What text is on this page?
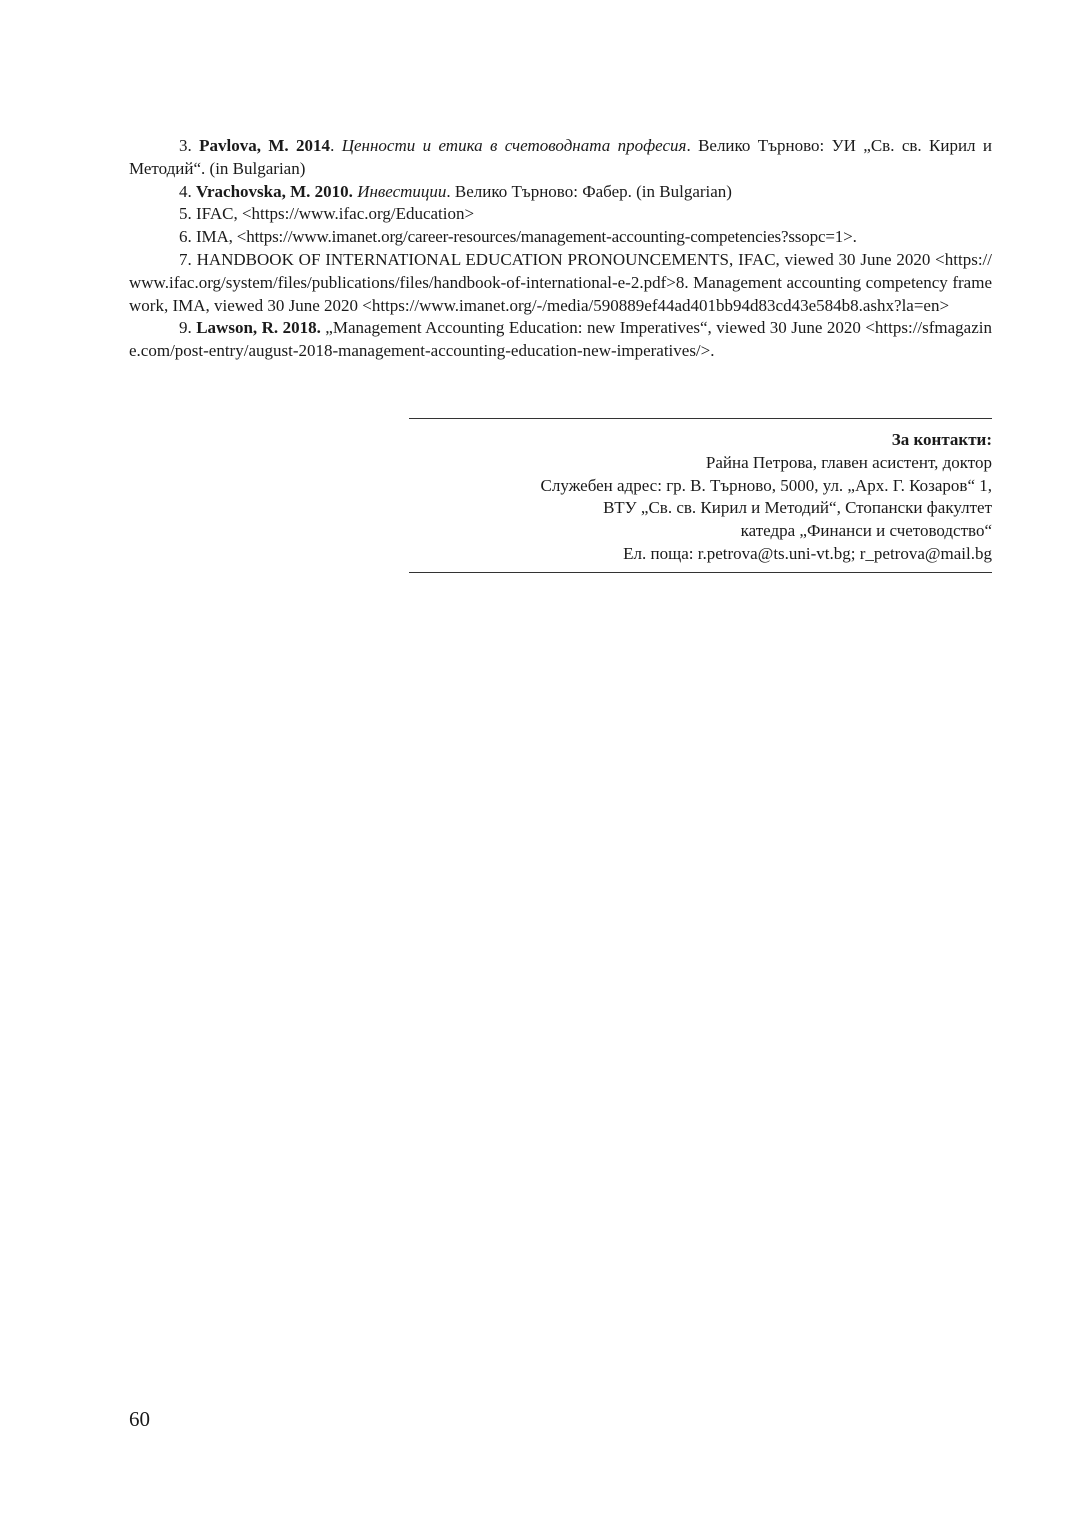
3. Pavlova, M. 2014. Ценности и етика в счетоводната професия. Велико Търново: УИ „Св. св. Кирил и Методий“. (in Bulgarian)

4. Vrachovska, M. 2010. Инвестиции. Велико Търново: Фабер. (in Bulgarian)

5. IFAC, <https://www.ifac.org/Education>

6. IMA, <https://www.imanet.org/career-resources/management-accounting-competencies?ssopc=1>.

7. HANDBOOK OF INTERNATIONAL EDUCATION PRONOUNCEMENTS, IFAC, viewed 30 June 2020 <https://www.ifac.org/system/files/publications/files/handbook-of-international-e-2.pdf>8. Management accounting competency framework, IMA, viewed 30 June 2020 <https://www.imanet.org/-/media/590889ef44ad401bb94d83cd43e584b8.ashx?la=en>

9. Lawson, R. 2018. „Management Accounting Education: new Imperatives“, viewed 30 June 2020 <https://sfmagazine.com/post-entry/august-2018-management-accounting-education-new-imperatives/>.

За контакти:
Райна Петрова, главен асистент, доктор
Служебен адрес: гр. В. Търново, 5000, ул. „Арх. Г. Козаров“ 1,
ВТУ „Св. св. Кирил и Методий“, Стопански факултет
катедра „Финанси и счетоводство“
Ел. поща: r.petrova@ts.uni-vt.bg; r_petrova@mail.bg
60
